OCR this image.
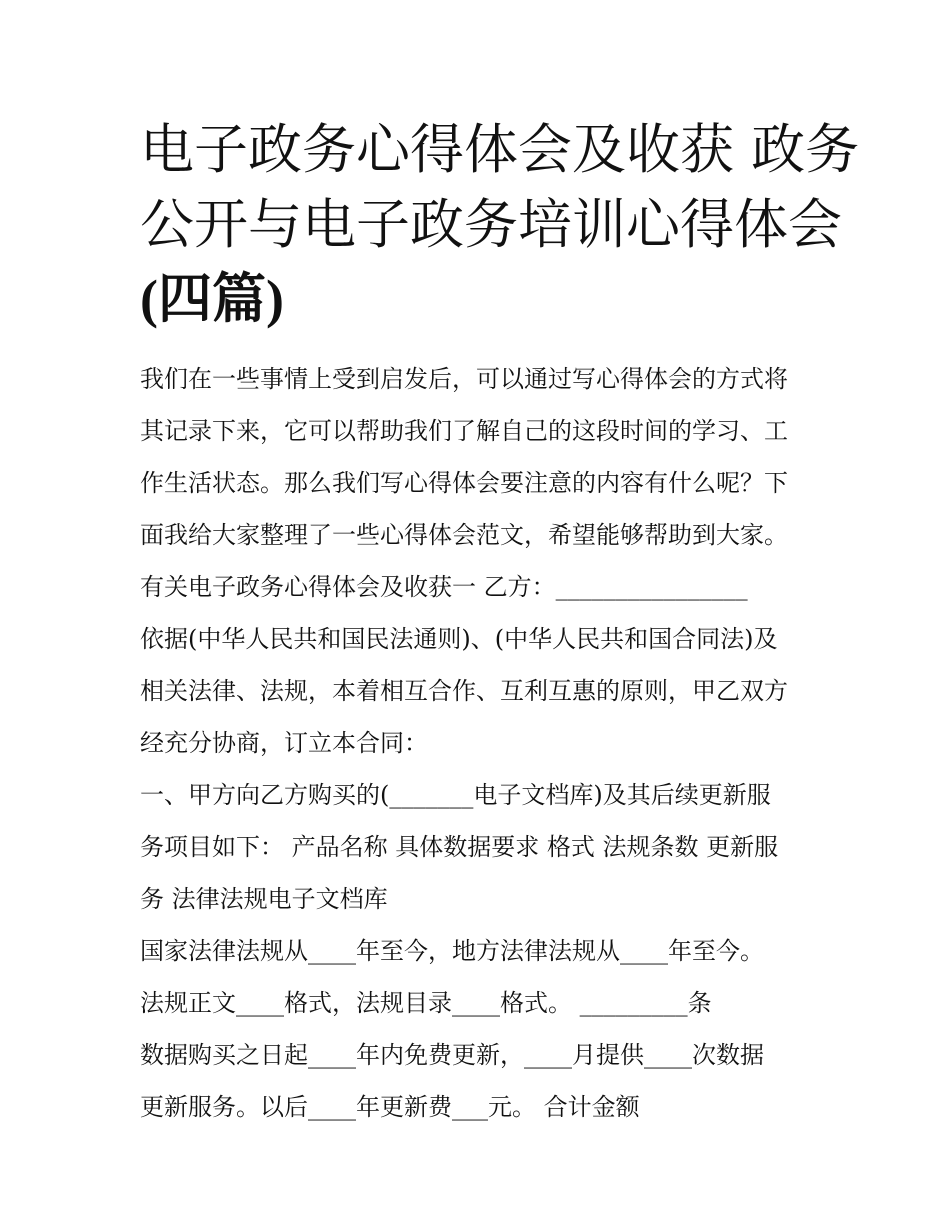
电子政务心得体会及收获 政务
公开与电子政务培训心得体会
(四篇)

我们在一些事情上受到启发后，可以通过写心得体会的方式将

其记录下来，它可以帮助我们了解自己的这段时间的学习、工

作生活状态。那么我们写心得体会要注意的内容有什么呢？下

面我给大家整理了一些心得体会范文，希望能够帮助到大家。

有关电子政务心得体会及收获一 乙方：________________

依据(中华人民共和国民法通则)、(中华人民共和国合同法)及

相关法律、法规，本着相互合作、互利互惠的原则，甲乙双方

经充分协商，订立本合同：

一、甲方向乙方购买的(_______电子文档库)及其后续更新服

务项目如下： 产品名称 具体数据要求 格式 法规条数 更新服

务 法律法规电子文档库

国家法律法规从____年至今，地方法律法规从____年至今。

法规正文____格式，法规目录____格式。 _________条

数据购买之日起____年内免费更新，____月提供____次数据

更新服务。以后____年更新费___元。 合计金额
